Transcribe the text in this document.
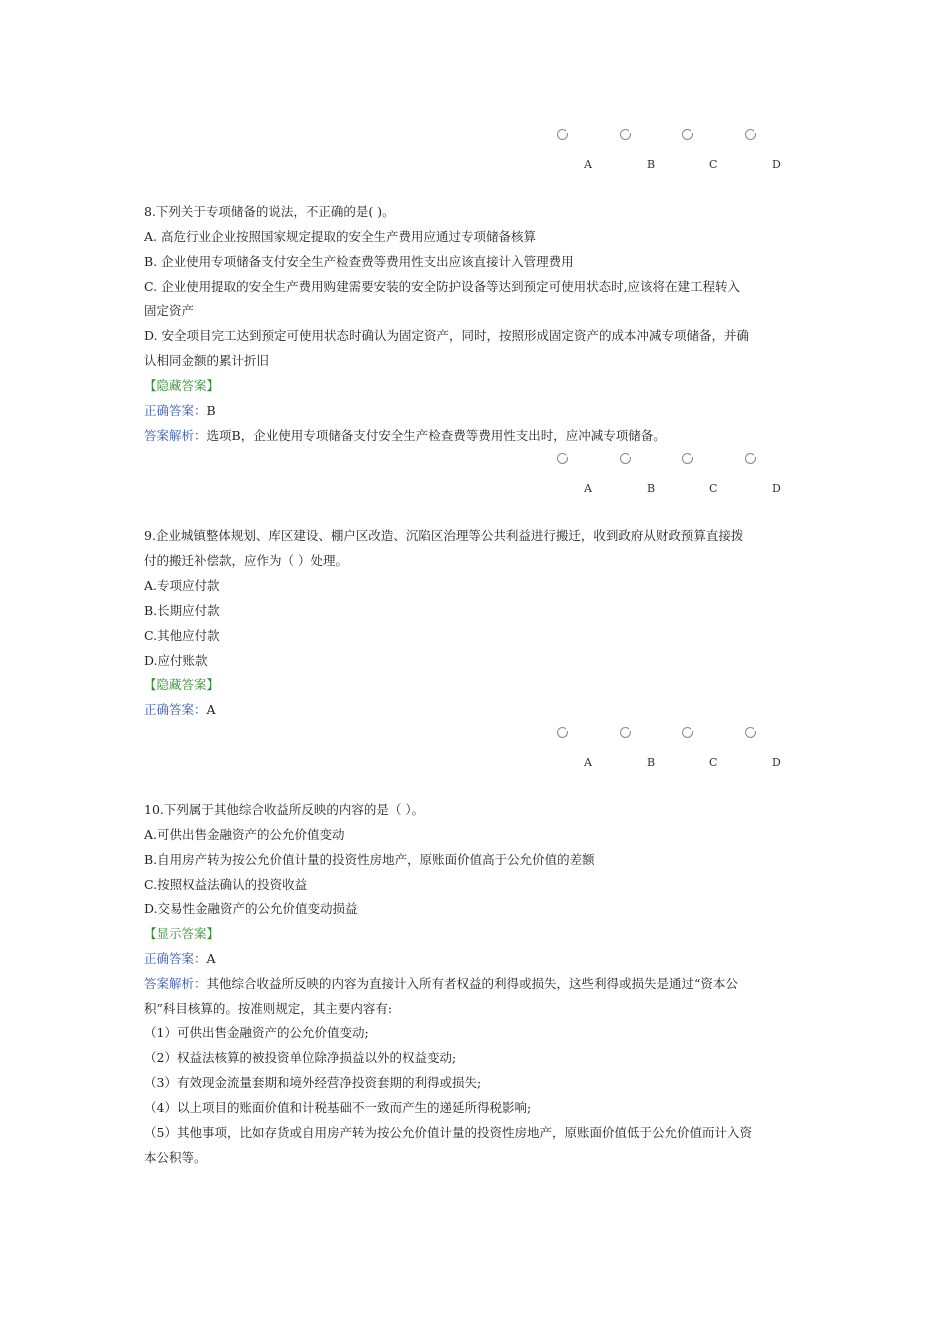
A	B	C	D
8.下列关于专项储备的说法，不正确的是( )。
A. 高危行业企业按照国家规定提取的安全生产费用应通过专项储备核算
B. 企业使用专项储备支付安全生产检查费等费用性支出应该直接计入管理费用
C. 企业使用提取的安全生产费用购建需要安装的安全防护设备等达到预定可使用状态时,应该将在建工程转入
固定资产
D. 安全项目完工达到预定可使用状态时确认为固定资产，同时，按照形成固定资产的成本冲减专项储备，并确
认相同金额的累计折旧
【隐藏答案】
正确答案：B
答案解析：选项B，企业使用专项储备支付安全生产检查费等费用性支出时，应冲减专项储备。
A	B	C	D
9.企业城镇整体规划、库区建设、棚户区改造、沉陷区治理等公共利益进行搬迁，收到政府从财政预算直接拨
付的搬迁补偿款，应作为（ ）处理。
A.专项应付款
B.长期应付款
C.其他应付款
D.应付账款
【隐藏答案】
正确答案：A
A	B	C	D
10.下列属于其他综合收益所反映的内容的是（ ）。
A.可供出售金融资产的公允价值变动
B.自用房产转为按公允价值计量的投资性房地产，原账面价值高于公允价值的差额
C.按照权益法确认的投资收益
D.交易性金融资产的公允价值变动损益
【显示答案】
正确答案：A
答案解析：其他综合收益所反映的内容为直接计入所有者权益的利得或损失，这些利得或损失是通过“资本公
积”科目核算的。按准则规定，其主要内容有:
（1）可供出售金融资产的公允价值变动;
（2）权益法核算的被投资单位除净损益以外的权益变动;
（3）有效现金流量套期和境外经营净投资套期的利得或损失;
（4）以上项目的账面价值和计税基础不一致而产生的递延所得税影响;
（5）其他事项，比如存货或自用房产转为按公允价值计量的投资性房地产，原账面价值低于公允价值而计入资
本公积等。
